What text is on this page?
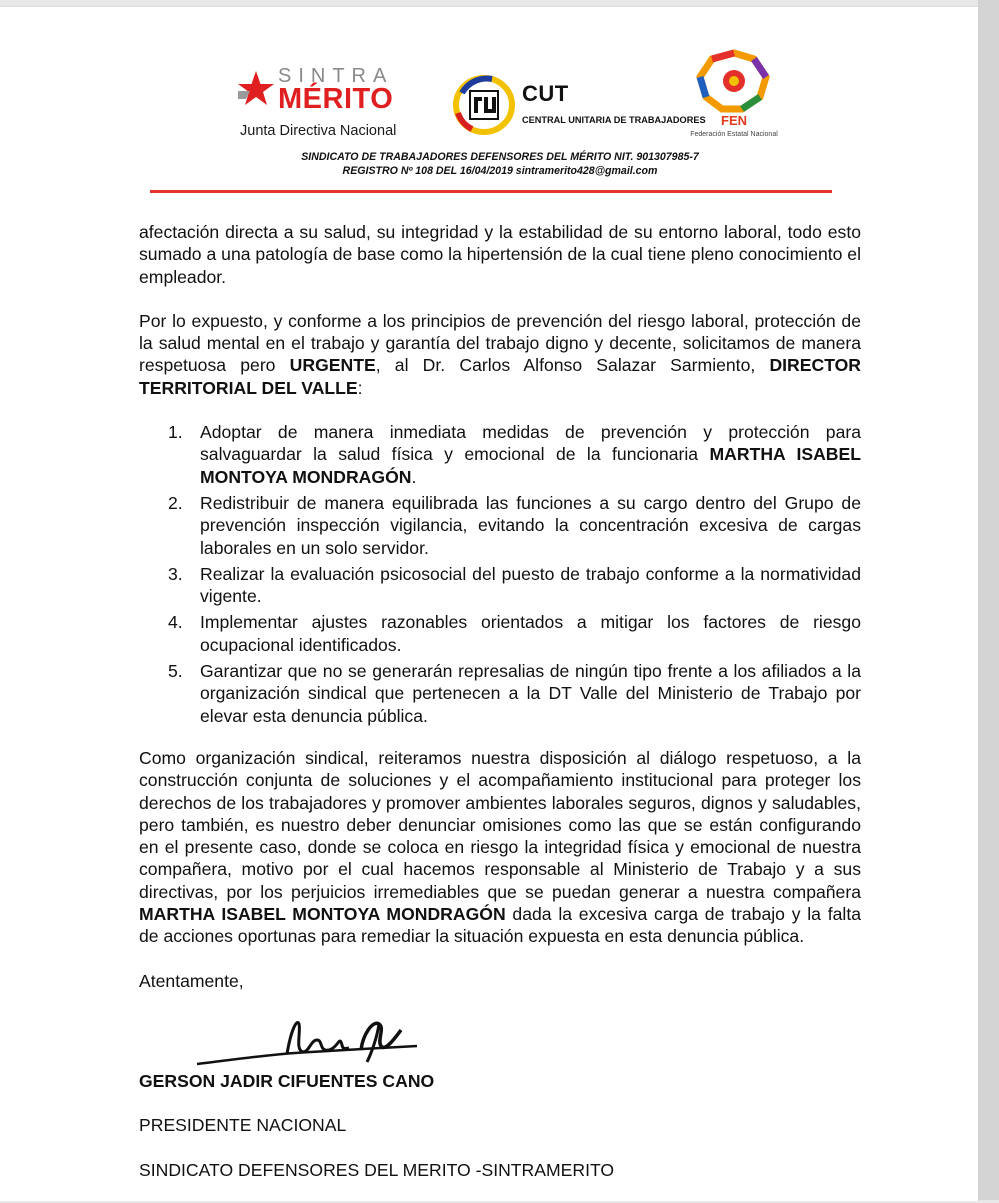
SINTRA
MÉRITO
Junta Directiva Nacional
CUT
CENTRAL UNITARIA DE TRABAJADORES	FEN
Federación Estatal Nacional
SINDICATO DE TRABAJADORES DEFENSORES DEL MÉRITO NIT. 901307985-7
REGISTRO Nº 108 DEL 16/04/2019 sintramerito428@gmail.com

afectación directa a su salud, su integridad y la estabilidad de su entorno laboral, todo esto sumado a una patología de base como la hipertensión de la cual tiene pleno conocimiento el empleador.

Por lo expuesto, y conforme a los principios de prevención del riesgo laboral, protección de la salud mental en el trabajo y garantía del trabajo digno y decente, solicitamos de manera respetuosa pero URGENTE, al Dr. Carlos Alfonso Salazar Sarmiento, DIRECTOR TERRITORIAL DEL VALLE:

1. Adoptar de manera inmediata medidas de prevención y protección para salvaguardar la salud física y emocional de la funcionaria MARTHA ISABEL MONTOYA MONDRAGÓN.
2. Redistribuir de manera equilibrada las funciones a su cargo dentro del Grupo de prevención inspección vigilancia, evitando la concentración excesiva de cargas laborales en un solo servidor.
3. Realizar la evaluación psicosocial del puesto de trabajo conforme a la normatividad vigente.
4. Implementar ajustes razonables orientados a mitigar los factores de riesgo ocupacional identificados.
5. Garantizar que no se generarán represalias de ningún tipo frente a los afiliados a la organización sindical que pertenecen a la DT Valle del Ministerio de Trabajo por elevar esta denuncia pública.

Como organización sindical, reiteramos nuestra disposición al diálogo respetuoso, a la construcción conjunta de soluciones y el acompañamiento institucional para proteger los derechos de los trabajadores y promover ambientes laborales seguros, dignos y saludables, pero también, es nuestro deber denunciar omisiones como las que se están configurando en el presente caso, donde se coloca en riesgo la integridad física y emocional de nuestra compañera, motivo por el cual hacemos responsable al Ministerio de Trabajo y a sus directivas, por los perjuicios irremediables que se puedan generar a nuestra compañera MARTHA ISABEL MONTOYA MONDRAGÓN dada la excesiva carga de trabajo y la falta de acciones oportunas para remediar la situación expuesta en esta denuncia pública.

Atentamente,

GERSON JADIR CIFUENTES CANO

PRESIDENTE NACIONAL

SINDICATO DEFENSORES DEL MERITO -SINTRAMERITO
